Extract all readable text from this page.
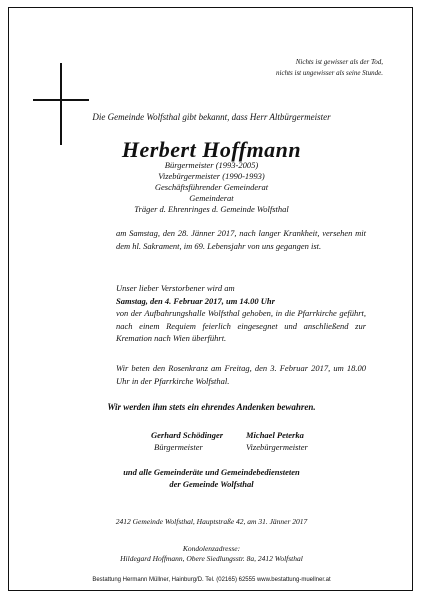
Nichts ist gewisser als der Tod,
nichts ist ungewisser als seine Stunde.
Die Gemeinde Wolfsthal gibt bekannt, dass Herr Altbürgermeister
Herbert Hoffmann
Bürgermeister (1993-2005)
Vizebürgermeister (1990-1993)
Geschäftsführender Gemeinderat
Gemeinderat
Träger d. Ehrenringes d. Gemeinde Wolfsthal
am Samstag, den 28. Jänner 2017, nach langer Krankheit, versehen mit dem hl. Sakrament, im 69. Lebensjahr von uns gegangen ist.
Unser lieber Verstorbener wird am
Samstag, den 4. Februar 2017, um 14.00 Uhr
von der Aufbahrungshalle Wolfsthal gehoben, in die Pfarrkirche geführt, nach einem Requiem feierlich eingesegnet und anschließend zur Kremation nach Wien überführt.
Wir beten den Rosenkranz am Freitag, den 3. Februar 2017, um 18.00 Uhr in der Pfarrkirche Wolfsthal.
Wir werden ihm stets ein ehrendes Andenken bewahren.
Gerhard Schödinger	Michael Peterka
Bürgermeister	Vizebürgermeister
und alle Gemeinderäte und Gemeindebediensteten
der Gemeinde Wolfsthal
2412 Gemeinde Wolfsthal, Hauptstraße 42, am 31. Jänner 2017
Kondolenzadresse:
Hildegard Hoffmann, Obere Siedlungsstr. 8a, 2412 Wolfsthal
Bestattung Hermann Müllner, Hainburg/D. Tel. (02165) 62555 www.bestattung-muellner.at
